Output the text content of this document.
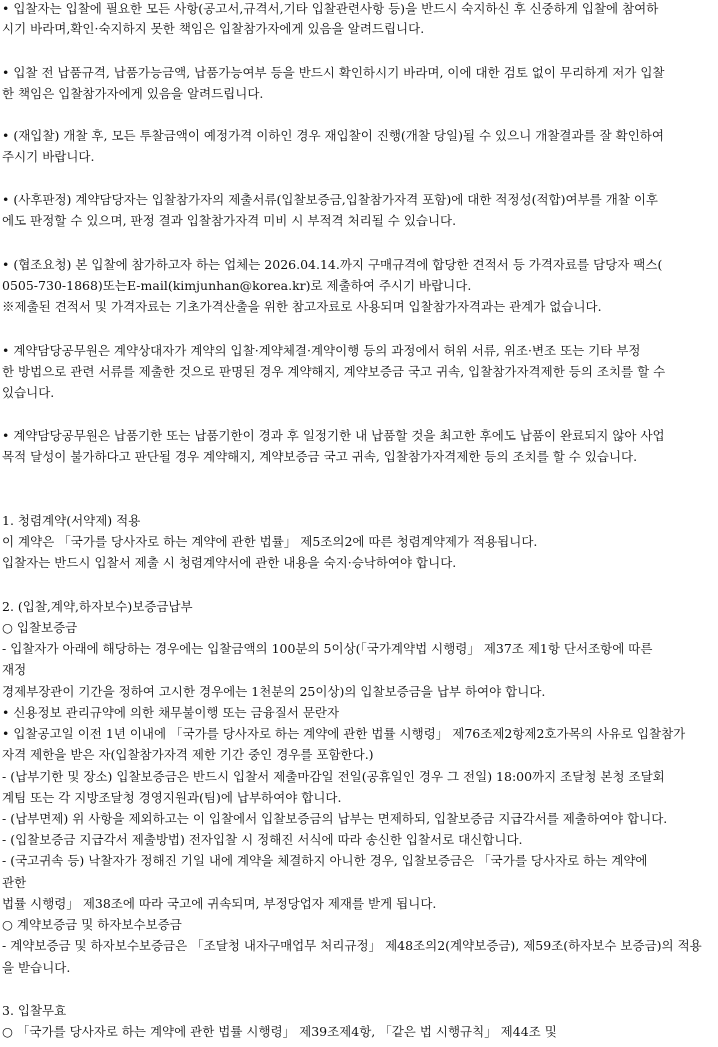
• 입찰자는 입찰에 필요한 모든 사항(공고서,규격서,기타 입찰관련사항 등)을 반드시 숙지하신 후 신중하게 입찰에 참여하
시기 바라며,확인·숙지하지 못한 책임은 입찰참가자에게 있음을 알려드립니다.
• 입찰 전 납품규격, 납품가능금액, 납품가능여부 등을 반드시 확인하시기 바라며, 이에 대한 검토 없이 무리하게 저가 입찰
한 책임은 입찰참가자에게 있음을 알려드립니다.
• (재입찰) 개찰 후, 모든 투찰금액이 예정가격 이하인 경우 재입찰이 진행(개찰 당일)될 수 있으니 개찰결과를 잘 확인하여
주시기 바랍니다.
• (사후판정) 계약담당자는 입찰참가자의 제출서류(입찰보증금,입찰참가자격 포함)에 대한 적정성(적합)여부를 개찰 이후
에도 판정할 수 있으며, 판정 결과 입찰참가자격 미비 시 부적격 처리될 수 있습니다.
• (협조요청) 본 입찰에 참가하고자 하는 업체는 2026.04.14.까지 구매규격에 합당한 견적서 등 가격자료를 담당자 팩스(
0505-730-1868)또는E-mail(kimjunhan@korea.kr)로 제출하여 주시기 바랍니다.
※제출된 견적서 및 가격자료는 기초가격산출을 위한 참고자료로 사용되며 입찰참가자격과는 관계가 없습니다.
• 계약담당공무원은 계약상대자가 계약의 입찰·계약체결·계약이행 등의 과정에서 허위 서류, 위조·변조 또는 기타 부정
한 방법으로 관련 서류를 제출한 것으로 판명된 경우 계약해지, 계약보증금 국고 귀속, 입찰참가자격제한 등의 조치를 할 수
있습니다.
• 계약담당공무원은 납품기한 또는 납품기한이 경과 후 일정기한 내 납품할 것을 최고한 후에도 납품이 완료되지 않아 사업
목적 달성이 불가하다고 판단될 경우 계약해지, 계약보증금 국고 귀속, 입찰참가자격제한 등의 조치를 할 수 있습니다.
1. 청렴계약(서약제) 적용
이 계약은 「국가를 당사자로 하는 계약에 관한 법률」 제5조의2에 따른 청렴계약제가 적용됩니다.
입찰자는 반드시 입찰서 제출 시 청렴계약서에 관한 내용을 숙지·승낙하여야 합니다.
2. (입찰,계약,하자보수)보증금납부
○ 입찰보증금
- 입찰자가 아래에 해당하는 경우에는 입찰금액의 100분의 5이상(「국가계약법 시행령」 제37조 제1항 단서조항에 따른
재정
경제부장관이 기간을 정하여 고시한 경우에는 1천분의 25이상)의 입찰보증금을 납부 하여야 합니다.
• 신용정보 관리규약에 의한 채무불이행 또는 금융질서 문란자
• 입찰공고일 이전 1년 이내에 「국가를 당사자로 하는 계약에 관한 법률 시행령」 제76조제2항제2호가목의 사유로 입찰참가
자격 제한을 받은 자(입찰참가자격 제한 기간 중인 경우를 포함한다.)
- (납부기한 및 장소) 입찰보증금은 반드시 입찰서 제출마감일 전일(공휴일인 경우 그 전일) 18:00까지 조달청 본청 조달회
계팀 또는 각 지방조달청 경영지원과(팀)에 납부하여야 합니다.
- (납부면제) 위 사항을 제외하고는 이 입찰에서 입찰보증금의 납부는 면제하되, 입찰보증금 지급각서를 제출하여야 합니다.
- (입찰보증금 지급각서 제출방법) 전자입찰 시 정해진 서식에 따라 송신한 입찰서로 대신합니다.
- (국고귀속 등) 낙찰자가 정해진 기일 내에 계약을 체결하지 아니한 경우, 입찰보증금은 「국가를 당사자로 하는 계약에
관한
법률 시행령」 제38조에 따라 국고에 귀속되며, 부정당업자 제재를 받게 됩니다.
○ 계약보증금 및 하자보수보증금
- 계약보증금 및 하자보수보증금은 「조달청 내자구매업무 처리규정」 제48조의2(계약보증금), 제59조(하자보수 보증금)의 적용
을 받습니다.
3. 입찰무효
○ 「국가를 당사자로 하는 계약에 관한 법률 시행령」 제39조제4항, 「같은 법 시행규칙」 제44조 및
